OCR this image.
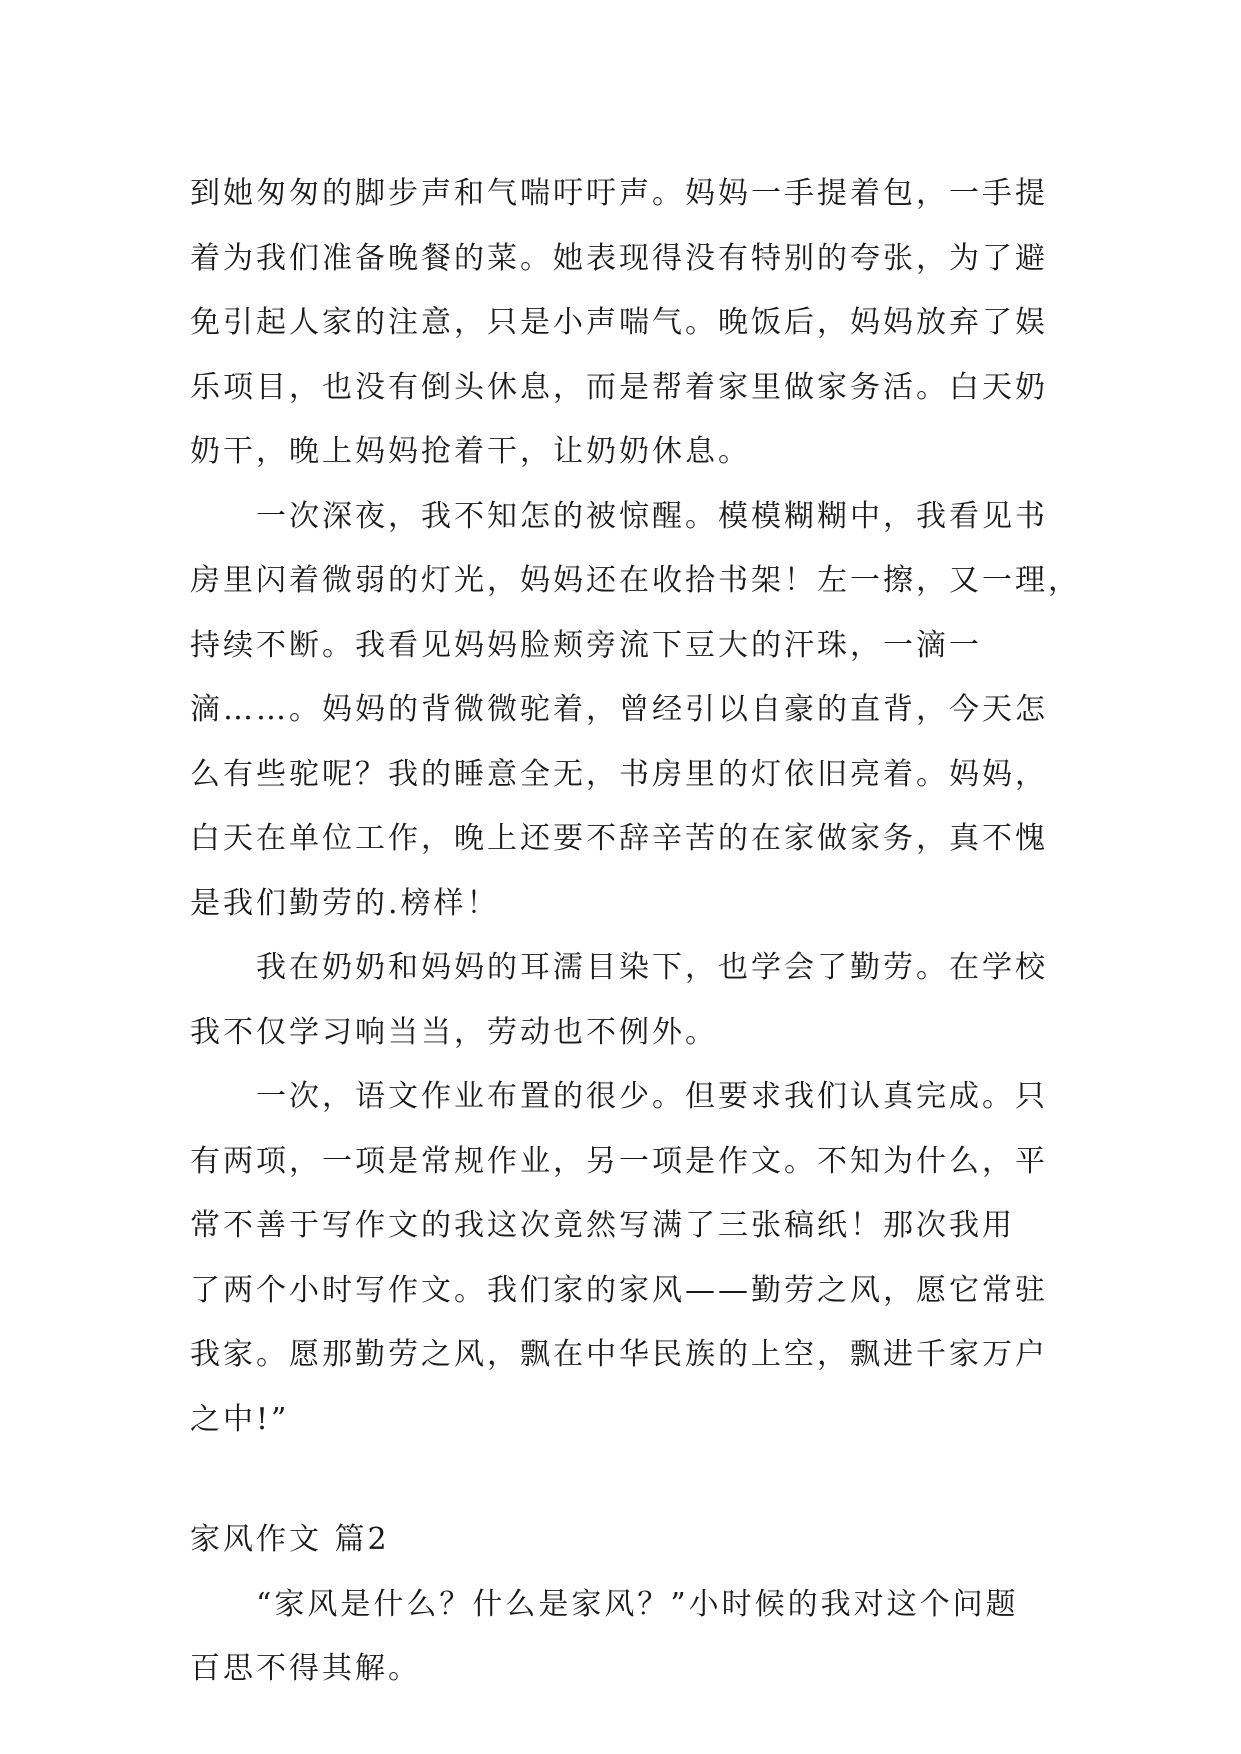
到她匆匆的脚步声和气喘吁吁声。妈妈一手提着包，一手提
着为我们准备晚餐的菜。她表现得没有特别的夸张，为了避
免引起人家的注意，只是小声喘气。晚饭后，妈妈放弃了娱
乐项目，也没有倒头休息，而是帮着家里做家务活。白天奶
奶干，晚上妈妈抢着干，让奶奶休息。
一次深夜，我不知怎的被惊醒。模模糊糊中，我看见书
房里闪着微弱的灯光，妈妈还在收拾书架！左一擦，又一理，
持续不断。我看见妈妈脸颊旁流下豆大的汗珠，一滴一
滴……。妈妈的背微微驼着，曾经引以自豪的直背，今天怎
么有些驼呢？我的睡意全无，书房里的灯依旧亮着。妈妈，
白天在单位工作，晚上还要不辞辛苦的在家做家务，真不愧
是我们勤劳的.榜样！
我在奶奶和妈妈的耳濡目染下，也学会了勤劳。在学校
我不仅学习响当当，劳动也不例外。
一次，语文作业布置的很少。但要求我们认真完成。只
有两项，一项是常规作业，另一项是作文。不知为什么，平
常不善于写作文的我这次竟然写满了三张稿纸！那次我用
了两个小时写作文。我们家的家风——勤劳之风，愿它常驻
我家。愿那勤劳之风，飘在中华民族的上空，飘进千家万户
之中!”
家风作文 篇2
“家风是什么？什么是家风？”小时候的我对这个问题
百思不得其解。
